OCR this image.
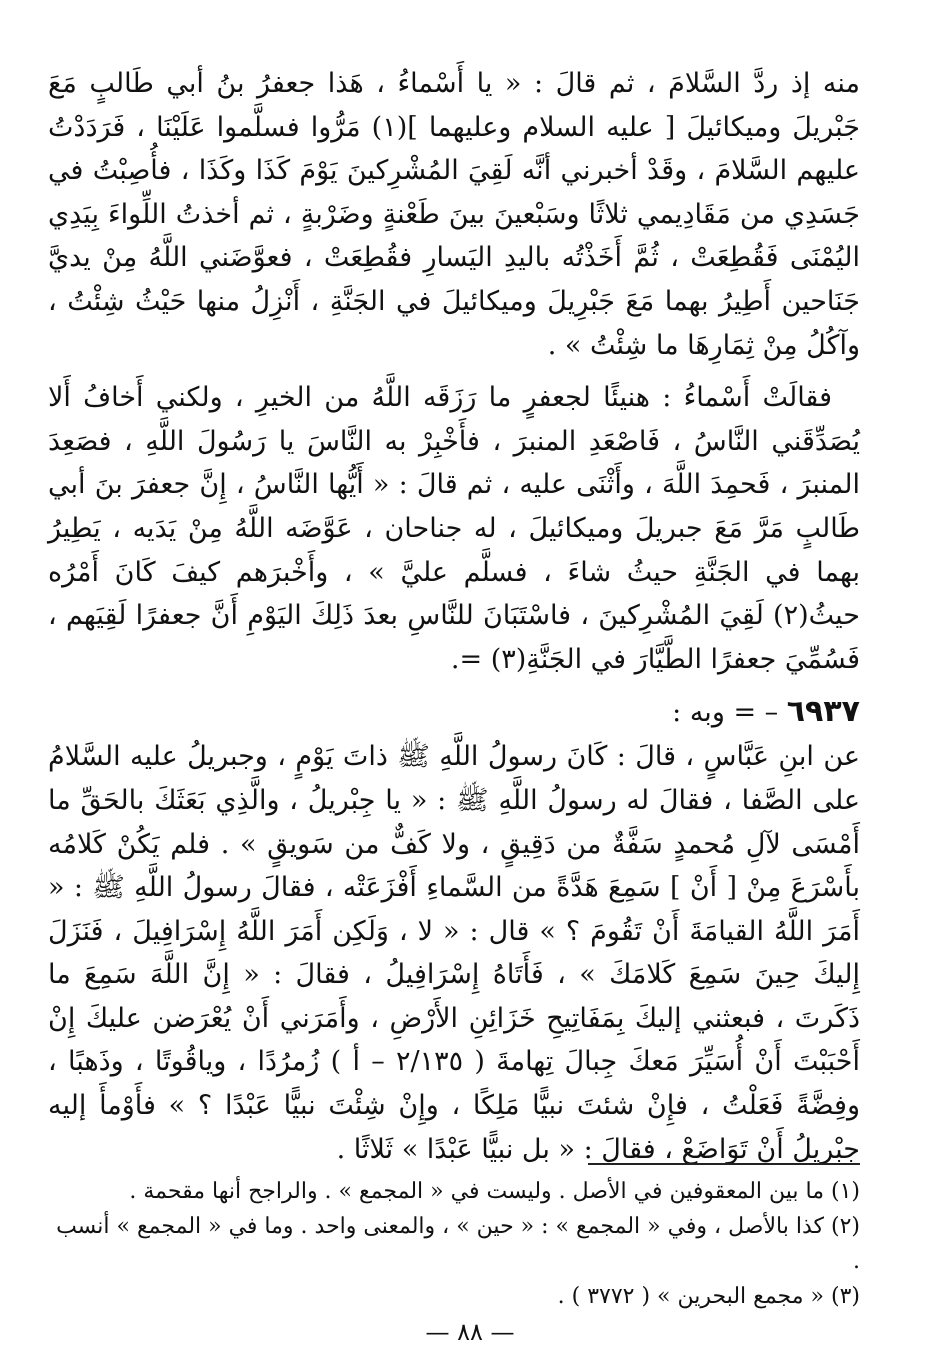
منه إذ ردَّ السَّلامَ ، ثم قالَ : « يا أَسْماءُ ، هَذا جعفرُ بنُ أبي طَالبٍ مَعَ جَبْريلَ وميكائيلَ [ عليه السلام وعليهما ](١) مَرُّوا فسلَّموا عَلَيْنَا ، فَرَدَدْتُ عليهم السَّلامَ ، وقَدْ أخبرني أنَّه لَقِيَ المُشْرِكينَ يَوْمَ كَذَا وكَذَا ، فأُصِبْتُ في جَسَدِي من مَقَادِيمي ثلاثًا وسَبْعينَ بينَ طَعْنةٍ وضَرْبةٍ ، ثم أخذتُ اللِّواءَ بِيَدِي اليُمْنَى فَقُطِعَتْ ، ثُمَّ أَخَذْتُه باليدِ اليَسارِ فقُطِعَتْ ، فعوَّضَني اللَّهُ مِنْ يديَّ جَنَاحين أَطِيرُ بهما مَعَ جَبْرِيلَ وميكائيلَ في الجَنَّةِ ، أَنْزِلُ منها حَيْثُ شِئْتُ ، وآكُلُ مِنْ ثِمَارِهَا ما شِئْتُ » .

فقالَتْ أَسْماءُ : هنيئًا لجعفرٍ ما رَزَقَه اللَّهُ من الخيرِ ، ولكني أَخافُ أَلا يُصَدِّقَني النَّاسُ ، فَاصْعَدِ المنبرَ ، فأَخْبِرْ به النَّاسَ يا رَسُولَ اللَّهِ ، فصَعِدَ المنبرَ ، فَحمِدَ اللَّهَ ، وأَثْنَى عليه ، ثم قالَ : « أَيُّها النَّاسُ ، إِنَّ جعفرَ بنَ أبي طَالبٍ مَرَّ مَعَ جبريلَ وميكائيلَ ، له جناحان ، عَوَّضَه اللَّهُ مِنْ يَدَيه ، يَطِيرُ بهما في الجَنَّةِ حيثُ شاءَ ، فسلَّم عليَّ » ، وأَخْبرَهم كيفَ كَانَ أَمْرُه حيثُ(٢) لَقِيَ المُشْرِكينَ ، فاسْتَبَانَ للنَّاسِ بعدَ ذَلِكَ اليَوْمِ أَنَّ جعفرًا لَقِيَهم ، فَسُمِّيَ جعفرًا الطَّيَّارَ في الجَنَّةِ(٣) =.

٦٩٣٧ – = وبه :

عن ابنِ عَبَّاسٍ ، قالَ : كَانَ رسولُ اللَّهِ ﷺ ذاتَ يَوْمٍ ، وجبريلُ عليه السَّلامُ على الصَّفا ، فقالَ له رسولُ اللَّهِ ﷺ : « يا جِبْريلُ ، والَّذِي بَعَثَكَ بالحَقِّ ما أَمْسَى لآلِ مُحمدٍ سَفَّةٌ من دَقِيقٍ ، ولا كَفٌّ من سَويقٍ » . فلم يَكُنْ كَلامُه بأَسْرَعَ مِنْ [ أَنْ ] سَمِعَ هَدَّةً من السَّماءِ أَفْزَعَتْه ، فقالَ رسولُ اللَّهِ ﷺ : « أَمَرَ اللَّهُ القيامَةَ أَنْ تَقُومَ ؟ » قال : « لا ، وَلَكِن أَمَرَ اللَّهُ إِسْرَافِيلَ ، فَنَزَلَ إِليكَ حِينَ سَمِعَ كَلامَكَ » ، فَأَتَاهُ إِسْرَافِيلُ ، فقالَ : « إِنَّ اللَّهَ سَمِعَ ما ذَكَرتَ ، فبعثني إليكَ بِمَفَاتِيحِ خَزَائِنِ الأَرْضِ ، وأَمَرَني أَنْ يُعْرَضن عليكَ إِنْ أَحْبَبْتَ أَنْ أُسَيِّرَ مَعكَ جِبالَ تِهامةَ ( ٢/١٣٥ – أ ) زُمرُدًا ، وياقُوتًا ، وذَهبًا ، وفِضَّةً فَعَلْتُ ، فإِنْ شئتَ نبيًّا مَلِكًا ، وإِنْ شِئْتَ نبيًّا عَبْدًا ؟ » فأَوْمأَ إليه جبْريلُ أَنْ تَوَاضَعْ ، فقالَ : « بل نبيًّا عَبْدًا » ثَلاثًا .

(١) ما بين المعقوفين في الأصل . وليست في « المجمع » . والراجح أنها مقحمة .

(٢) كذا بالأصل ، وفي « المجمع » : « حين » ، والمعنى واحد . وما في « المجمع » أنسب .

(٣) « مجمع البحرين » ( ٣٧٧٢ ) .

— ٨٨ —
